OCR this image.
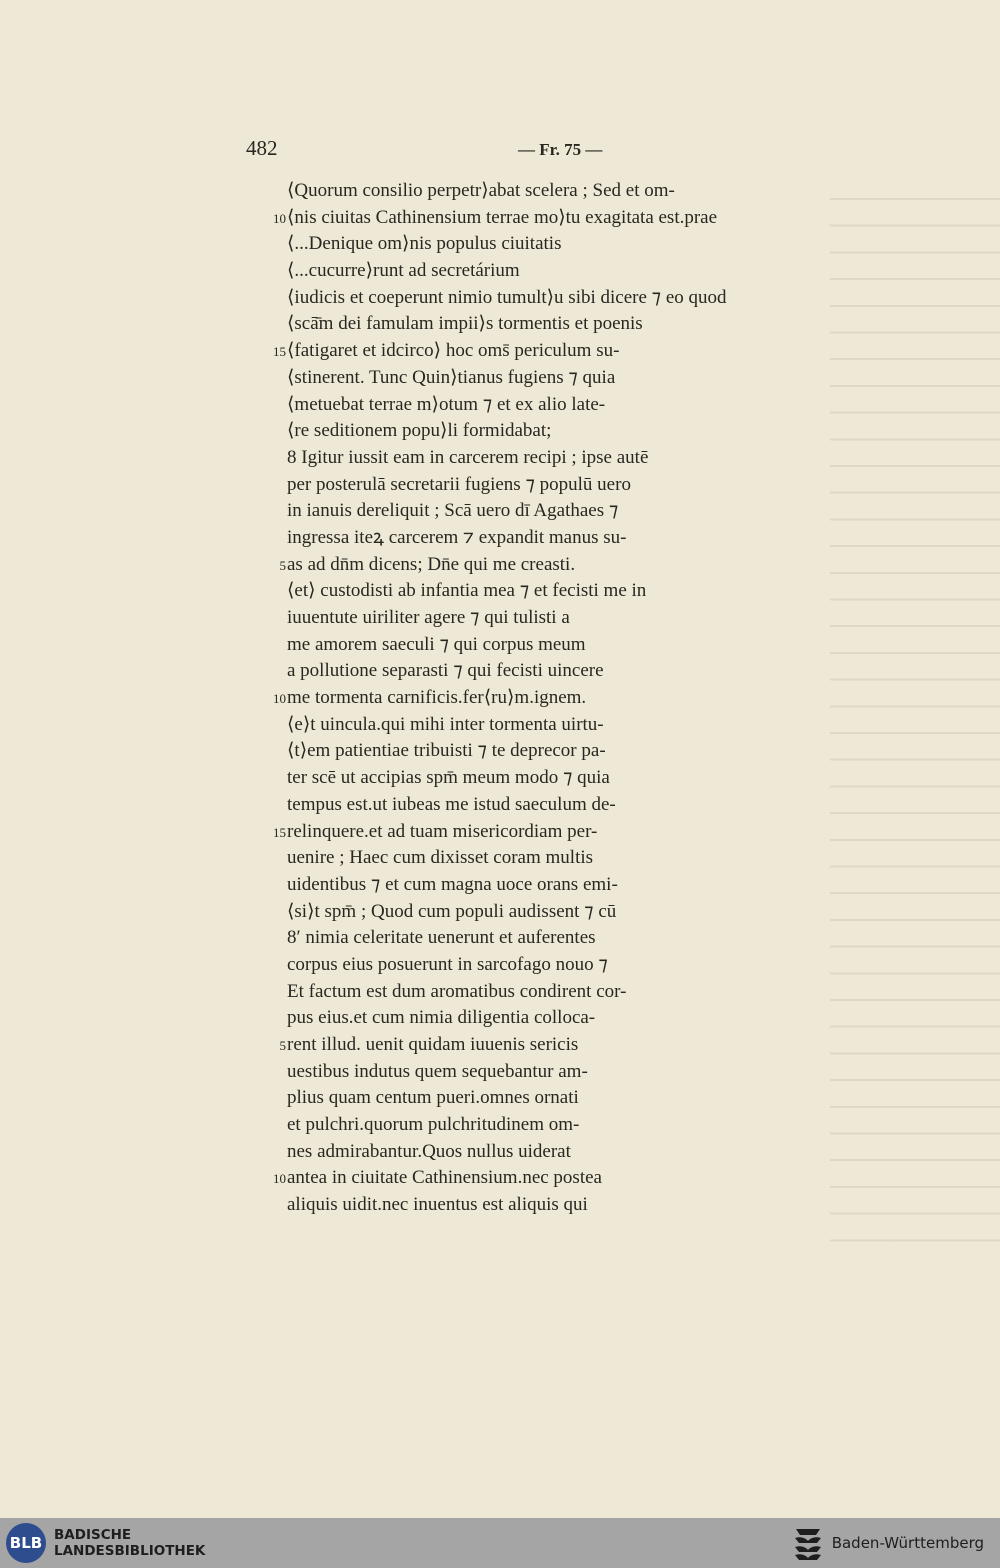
482	— Fr. 75 —
⟨Quorum consilio perpetr⟩abat scelera ; Sed et om-
10 ⟨nis ciuitas Cathinensium terrae mo⟩tu exagitata est.prae
⟨...Denique om⟩nis populus ciuitatis
⟨...cucurre⟩runt ad secretárium
⟨iudicis et coeperunt nimio tumult⟩u sibi dicere ⁊ eo quod
⟨scā̄m dei famulam impii⟩s tormentis et poenis
15 ⟨fatigaret et idcirco⟩ hoc oms̄ periculum su-
⟨stinerent. Tunc Quin⟩tianus fugiens ⁊ quia
⟨metuebat terrae m⟩otum ⁊ et ex alio late-
⟨re seditionem popu⟩li formidabat;
8 Igitur iussit eam in carcerem recipi ; ipse autē
per posterulā secretarii fugiens ⁊ populū uero
in ianuis dereliquit ; Scā uero dī Agathaes ⁊
ingressa iteꝝ carcerem ⁊ expandit manus su-
5 as ad dn̄m dicens; Dn̄e qui me creasti.
⟨et⟩ custodisti ab infantia mea ⁊ et fecisti me in
iuuentute uiriliter agere ⁊ qui tulisti a
me amorem saeculi ⁊ qui corpus meum
a pollutione separasti ⁊ qui fecisti uincere
10 me tormenta carnificis.fer⟨ru⟩m.ignem.
⟨e⟩t uincula.qui mihi inter tormenta uirtu-
⟨t⟩em patientiae tribuisti ⁊ te deprecor pa-
ter scē ut accipias spm̄ meum modo ⁊ quia
tempus est.ut iubeas me istud saeculum de-
15 relinquere.et ad tuam misericordiam per-
uenire ; Haec cum dixisset coram multis
uidentibus ⁊ et cum magna uoce orans emi-
⟨si⟩t spm̄ ; Quod cum populi audissent ⁊ cū
8′ nimia celeritate uenerunt et auferentes
corpus eius posuerunt in sarcofago nouo ⁊
Et factum est dum aromatibus condirent cor-
pus eius.et cum nimia diligentia colloca-
5 rent illud. uenit quidam iuuenis sericis
uestibus indutus quem sequebantur am-
plius quam centum pueri.omnes ornati
et pulchri.quorum pulchritudinem om-
nes admirabantur.Quos nullus uiderat
10 antea in ciuitate Cathinensium.nec postea
aliquis uidit.nec inuentus est aliquis qui
BLB BADISCHE
LANDESBIBLIOTHEK	Baden-Württemberg
